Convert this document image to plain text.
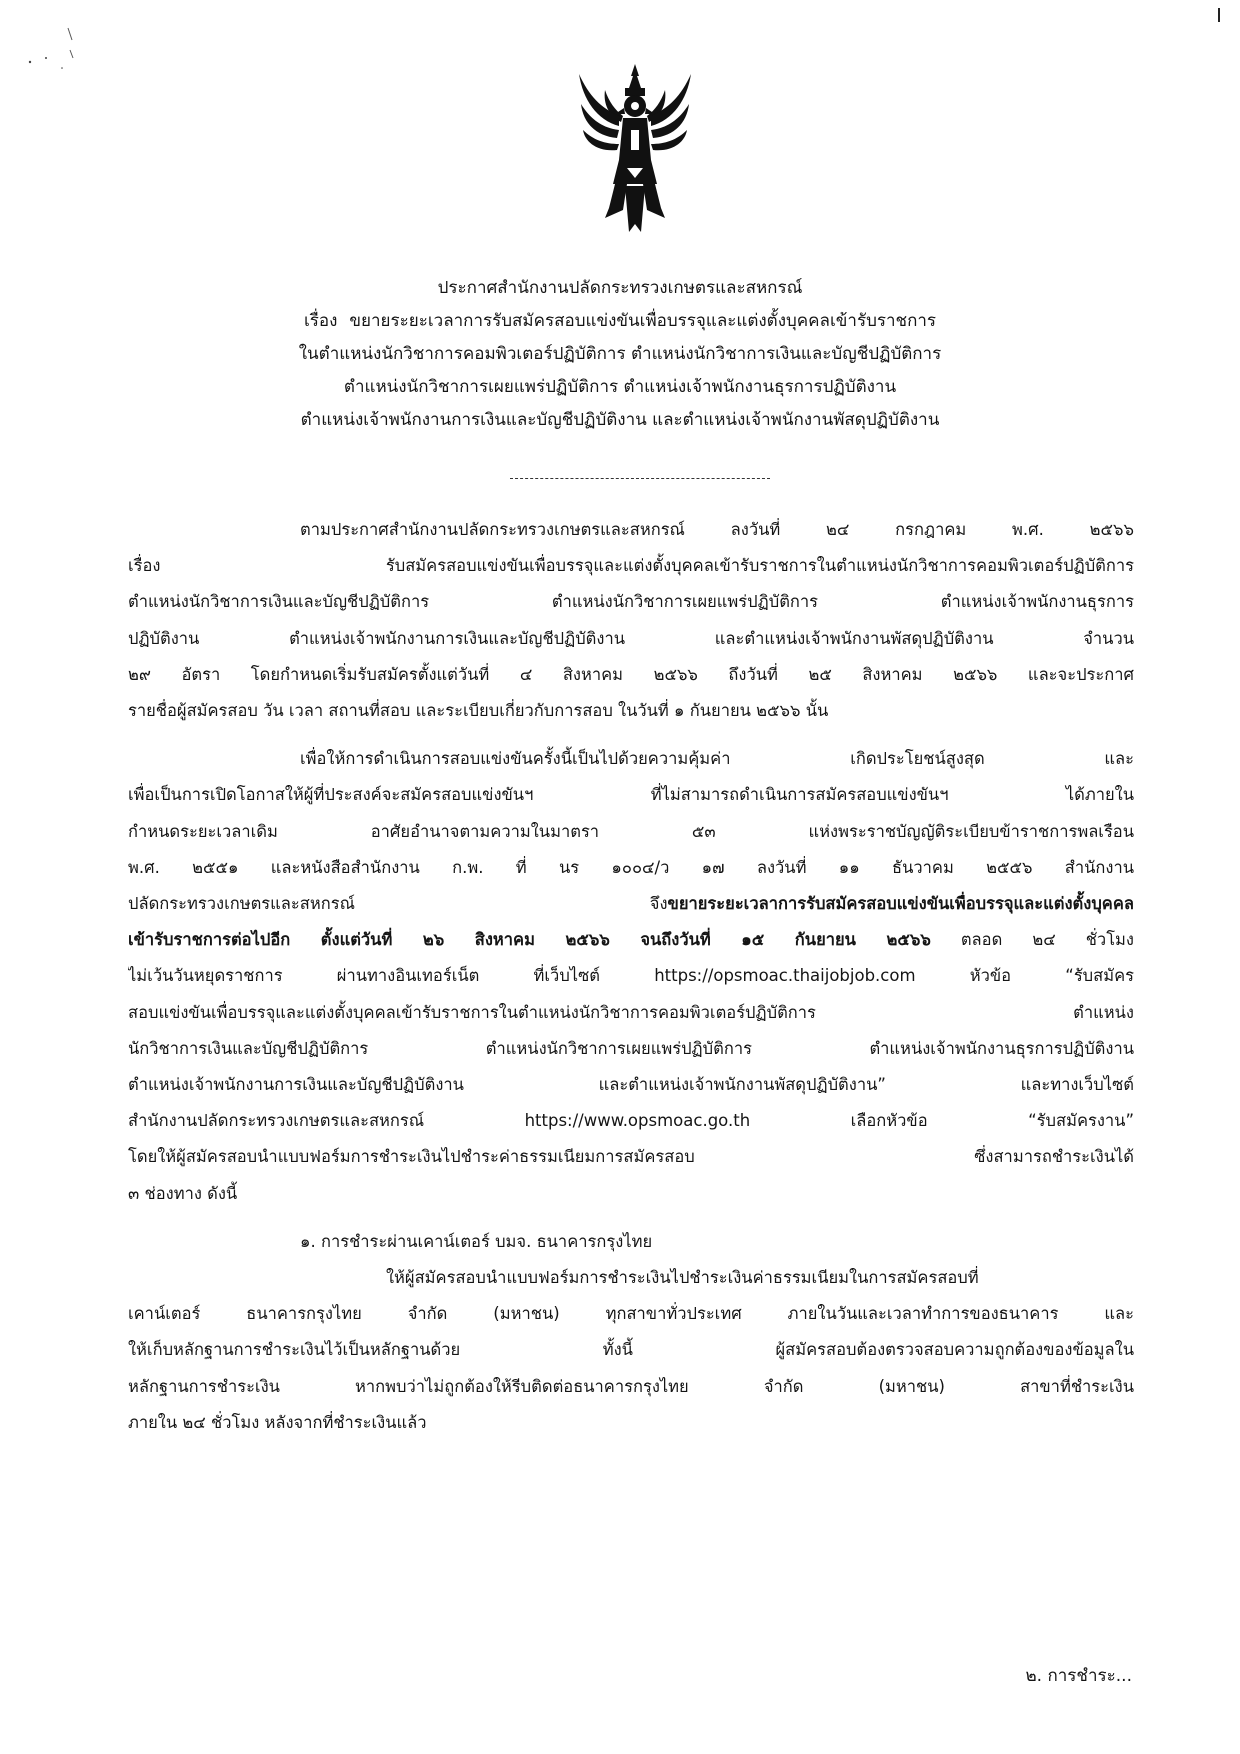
ประกาศสำนักงานปลัดกระทรวงเกษตรและสหกรณ์
เรื่อง ขยายระยะเวลาการรับสมัครสอบแข่งขันเพื่อบรรจุและแต่งตั้งบุคคลเข้ารับราชการ
ในตำแหน่งนักวิชาการคอมพิวเตอร์ปฏิบัติการ ตำแหน่งนักวิชาการเงินและบัญชีปฏิบัติการ
ตำแหน่งนักวิชาการเผยแพร่ปฏิบัติการ ตำแหน่งเจ้าพนักงานธุรการปฏิบัติงาน
ตำแหน่งเจ้าพนักงานการเงินและบัญชีปฏิบัติงาน และตำแหน่งเจ้าพนักงานพัสดุปฏิบัติงาน
ตามประกาศสำนักงานปลัดกระทรวงเกษตรและสหกรณ์ ลงวันที่ ๒๔ กรกฎาคม พ.ศ. ๒๕๖๖
เรื่อง รับสมัครสอบแข่งขันเพื่อบรรจุและแต่งตั้งบุคคลเข้ารับราชการในตำแหน่งนักวิชาการคอมพิวเตอร์ปฏิบัติการ
ตำแหน่งนักวิชาการเงินและบัญชีปฏิบัติการ ตำแหน่งนักวิชาการเผยแพร่ปฏิบัติการ ตำแหน่งเจ้าพนักงานธุรการ
ปฏิบัติงาน ตำแหน่งเจ้าพนักงานการเงินและบัญชีปฏิบัติงาน และตำแหน่งเจ้าพนักงานพัสดุปฏิบัติงาน จำนวน
๒๙ อัตรา โดยกำหนดเริ่มรับสมัครตั้งแต่วันที่ ๔ สิงหาคม ๒๕๖๖ ถึงวันที่ ๒๕ สิงหาคม ๒๕๖๖ และจะประกาศ
รายชื่อผู้สมัครสอบ วัน เวลา สถานที่สอบ และระเบียบเกี่ยวกับการสอบ ในวันที่ ๑ กันยายน ๒๕๖๖ นั้น
เพื่อให้การดำเนินการสอบแข่งขันครั้งนี้เป็นไปด้วยความคุ้มค่า เกิดประโยชน์สูงสุด และ
เพื่อเป็นการเปิดโอกาสให้ผู้ที่ประสงค์จะสมัครสอบแข่งขันฯ ที่ไม่สามารถดำเนินการสมัครสอบแข่งขันฯ ได้ภายใน
กำหนดระยะเวลาเดิม อาศัยอำนาจตามความในมาตรา ๕๓ แห่งพระราชบัญญัติระเบียบข้าราชการพลเรือน
พ.ศ. ๒๕๕๑ และหนังสือสำนักงาน ก.พ. ที่ นร ๑๐๐๔/ว ๑๗ ลงวันที่ ๑๑ ธันวาคม ๒๕๕๖ สำนักงาน
ปลัดกระทรวงเกษตรและสหกรณ์ จึงขยายระยะเวลาการรับสมัครสอบแข่งขันเพื่อบรรจุและแต่งตั้งบุคคล
เข้ารับราชการต่อไปอีก ตั้งแต่วันที่ ๒๖ สิงหาคม ๒๕๖๖ จนถึงวันที่ ๑๕ กันยายน ๒๕๖๖ ตลอด ๒๔ ชั่วโมง
ไม่เว้นวันหยุดราชการ ผ่านทางอินเทอร์เน็ต ที่เว็บไซต์ https://opsmoac.thaijobjob.com หัวข้อ “รับสมัคร
สอบแข่งขันเพื่อบรรจุและแต่งตั้งบุคคลเข้ารับราชการในตำแหน่งนักวิชาการคอมพิวเตอร์ปฏิบัติการ ตำแหน่ง
นักวิชาการเงินและบัญชีปฏิบัติการ ตำแหน่งนักวิชาการเผยแพร่ปฏิบัติการ ตำแหน่งเจ้าพนักงานธุรการปฏิบัติงาน
ตำแหน่งเจ้าพนักงานการเงินและบัญชีปฏิบัติงาน และตำแหน่งเจ้าพนักงานพัสดุปฏิบัติงาน” และทางเว็บไซต์
สำนักงานปลัดกระทรวงเกษตรและสหกรณ์ https://www.opsmoac.go.th เลือกหัวข้อ “รับสมัครงาน”
โดยให้ผู้สมัครสอบนำแบบฟอร์มการชำระเงินไปชำระค่าธรรมเนียมการสมัครสอบ ซึ่งสามารถชำระเงินได้
๓ ช่องทาง ดังนี้
๑. การชำระผ่านเคาน์เตอร์ บมจ. ธนาคารกรุงไทย
ให้ผู้สมัครสอบนำแบบฟอร์มการชำระเงินไปชำระเงินค่าธรรมเนียมในการสมัครสอบที่
เคาน์เตอร์ ธนาคารกรุงไทย จำกัด (มหาชน) ทุกสาขาทั่วประเทศ ภายในวันและเวลาทำการของธนาคาร และ
ให้เก็บหลักฐานการชำระเงินไว้เป็นหลักฐานด้วย ทั้งนี้ ผู้สมัครสอบต้องตรวจสอบความถูกต้องของข้อมูลใน
หลักฐานการชำระเงิน หากพบว่าไม่ถูกต้องให้รีบติดต่อธนาคารกรุงไทย จำกัด (มหาชน) สาขาที่ชำระเงิน
ภายใน ๒๔ ชั่วโมง หลังจากที่ชำระเงินแล้ว
๒. การชำระ...
